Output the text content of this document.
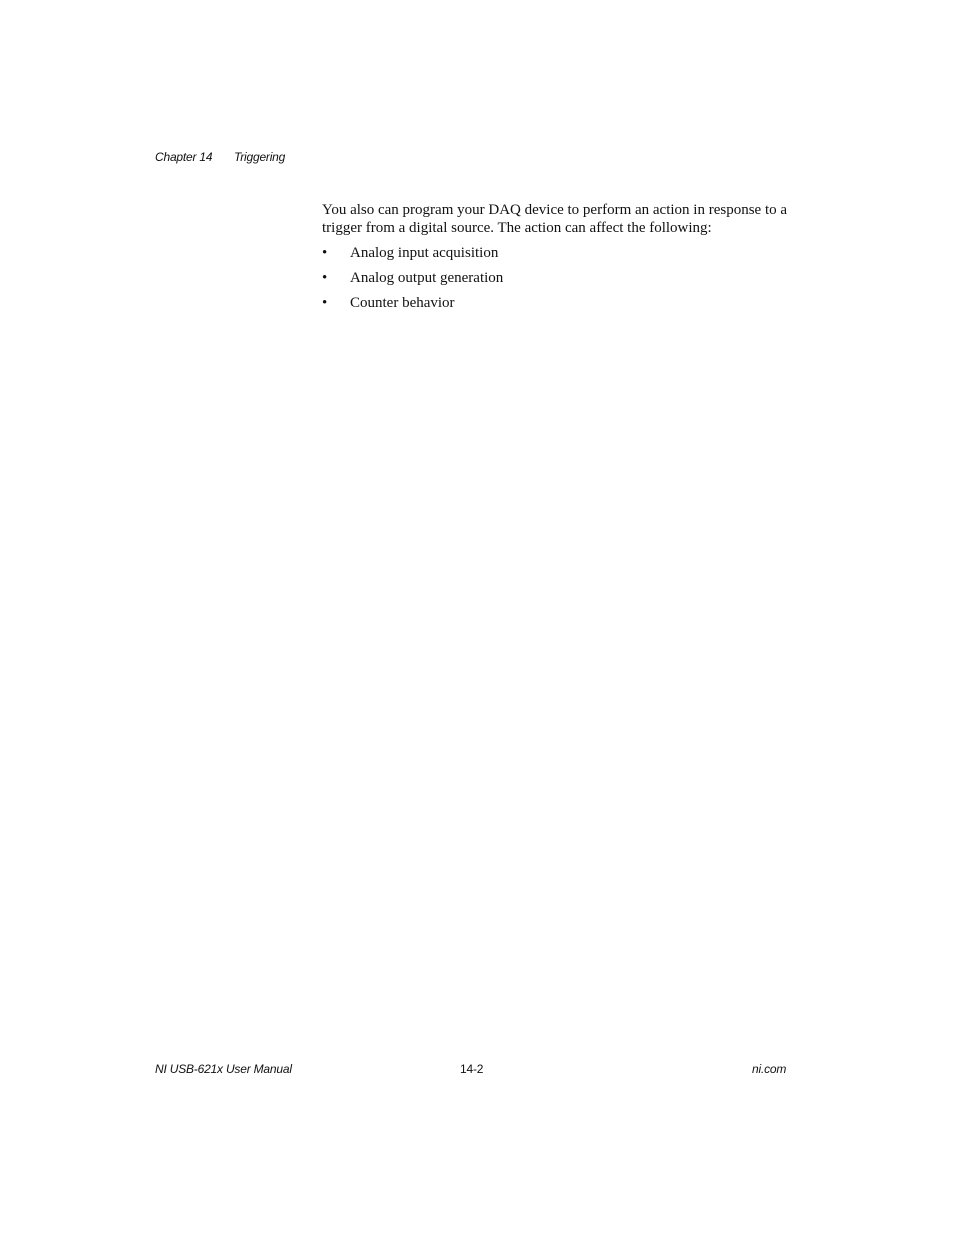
Chapter 14 Triggering

You also can program your DAQ device to perform an action in response to a trigger from a digital source. The action can affect the following:

• Analog input acquisition
• Analog output generation
• Counter behavior
NI USB-621x User Manual	14-2	ni.com
